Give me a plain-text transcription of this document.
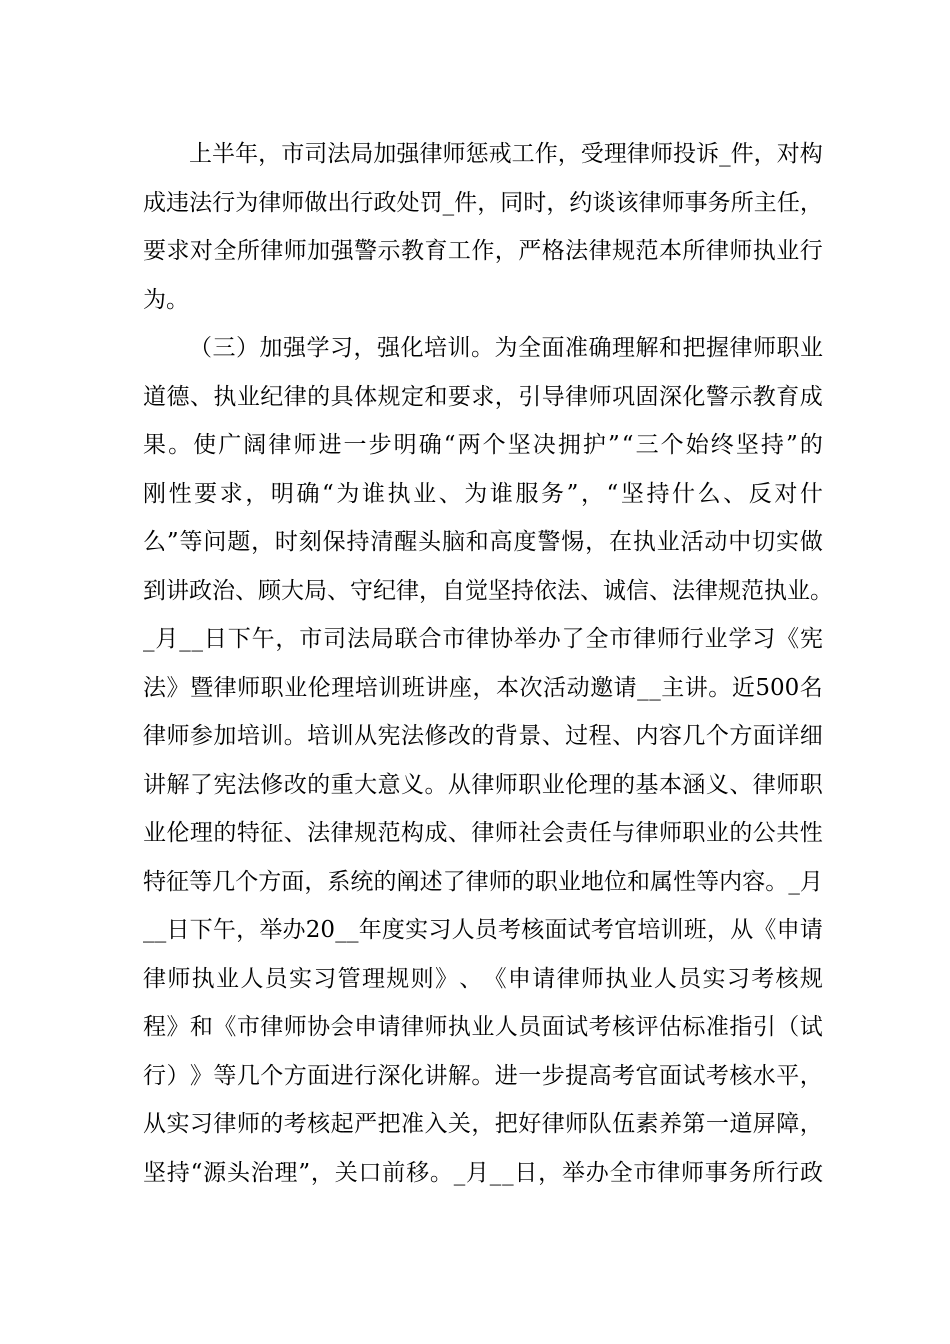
上 半 年 ， 市 司 法 局 加 强 律 师 惩 戒 工 作 ， 受 理 律 师 投 诉 _ 件 ， 对 构
成 违 法 行 为 律 师 做 出 行 政 处 罚 _ 件 ， 同 时 ， 约 谈 该 律 师 事 务 所 主 任 ，
要 求 对 全 所 律 师 加 强 警 示 教 育 工 作 ， 严 格 法 律 规 范 本 所 律 师 执 业 行
为。
（ 三 ） 加 强 学 习 ， 强 化 培 训 。 为 全 面 准 确 理 解 和 把 握 律 师 职 业
道 德 、 执 业 纪 律 的 具 体 规 定 和 要 求 ， 引 导 律 师 巩 固 深 化 警 示 教 育 成
果 。 使 广 阔 律 师 进 一 步 明 确 “ 两 个 坚 决 拥 护 ” “ 三 个 始 终 坚 持 ” 的
刚 性 要 求 ， 明 确 “ 为 谁 执 业 、 为 谁 服 务 ” ， “ 坚 持 什 么 、 反 对 什
么 ” 等 问 题 ， 时 刻 保 持 清 醒 头 脑 和 高 度 警 惕 ， 在 执 业 活 动 中 切 实 做
到 讲 政 治 、 顾 大 局 、 守 纪 律 ， 自 觉 坚 持 依 法 、 诚 信 、 法 律 规 范 执 业 。
_ 月 _ _ 日 下 午 ， 市 司 法 局 联 合 市 律 协 举 办 了 全 市 律 师 行 业 学 习 《 宪
法 》 暨 律 师 职 业 伦 理 培 训 班 讲 座 ， 本 次 活 动 邀 请 _ _ 主 讲 。 近 500 名
律 师 参 加 培 训 。 培 训 从 宪 法 修 改 的 背 景 、 过 程 、 内 容 几 个 方 面 详 细
讲 解 了 宪 法 修 改 的 重 大 意 义 。 从 律 师 职 业 伦 理 的 基 本 涵 义 、 律 师 职
业 伦 理 的 特 征 、 法 律 规 范 构 成 、 律 师 社 会 责 任 与 律 师 职 业 的 公 共 性
特 征 等 几 个 方 面 ， 系 统 的 阐 述 了 律 师 的 职 业 地 位 和 属 性 等 内 容 。 _ 月
_ _ 日 下 午 ， 举 办 20 _ _ 年 度 实 习 人 员 考 核 面 试 考 官 培 训 班 ， 从 《 申 请
律 师 执 业 人 员 实 习 管 理 规 则 》 、 《 申 请 律 师 执 业 人 员 实 习 考 核 规
程 》 和 《 市 律 师 协 会 申 请 律 师 执 业 人 员 面 试 考 核 评 估 标 准 指 引 （ 试
行 ） 》 等 几 个 方 面 进 行 深 化 讲 解 。 进 一 步 提 高 考 官 面 试 考 核 水 平 ，
从 实 习 律 师 的 考 核 起 严 把 准 入 关 ， 把 好 律 师 队 伍 素 养 第 一 道 屏 障 ，
坚 持 “ 源 头 治 理 ” ， 关 口 前 移 。 _ 月 _ _ 日 ， 举 办 全 市 律 师 事 务 所 行 政
